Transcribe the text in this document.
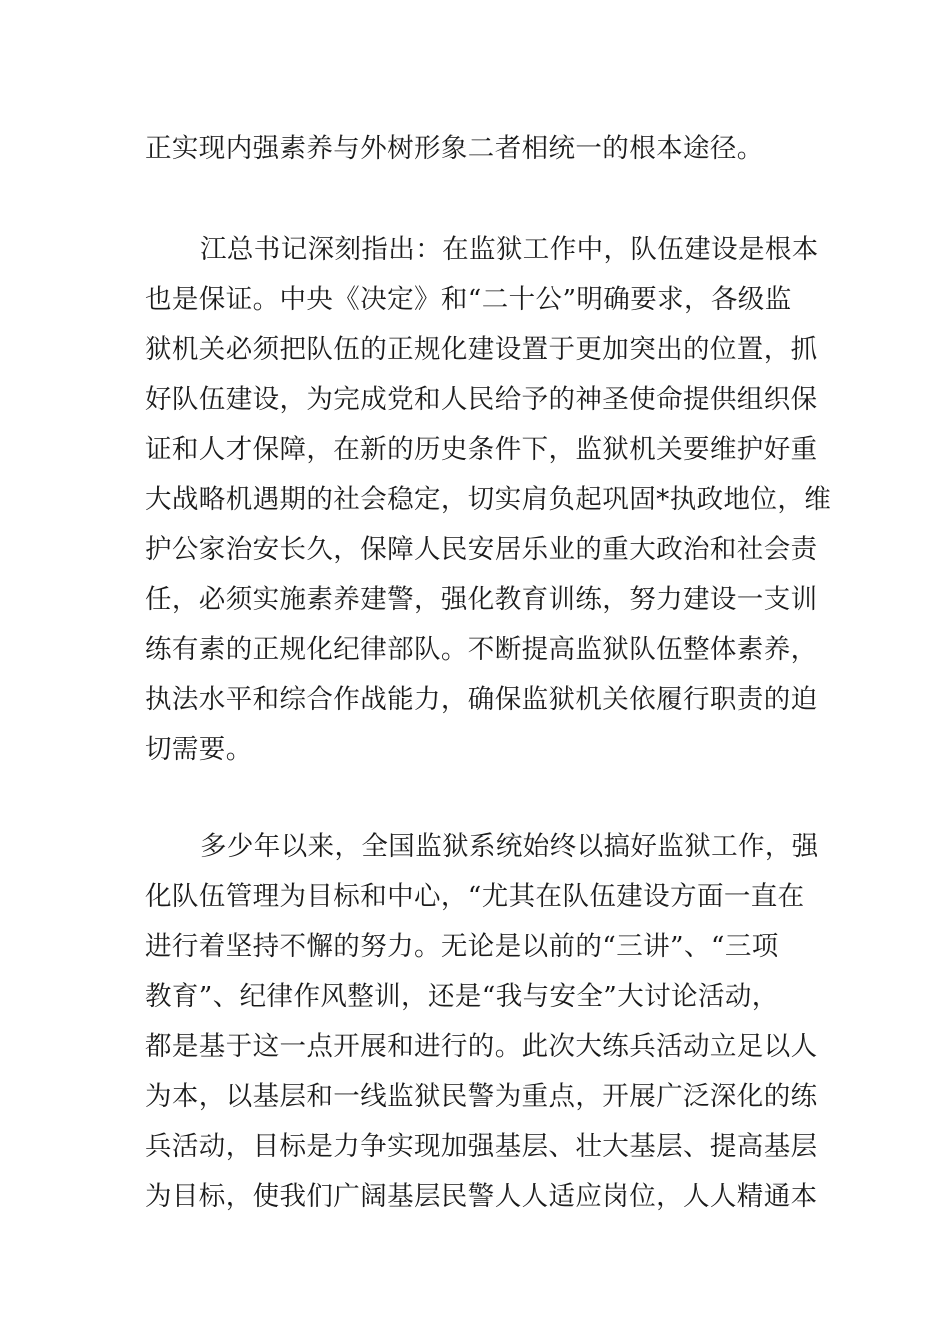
正实现内强素养与外树形象二者相统一的根本途径。
江总书记深刻指出：在监狱工作中，队伍建设是根本
也是保证。中央《决定》和“二十公”明确要求，各级监
狱机关必须把队伍的正规化建设置于更加突出的位置，抓
好队伍建设，为完成党和人民给予的神圣使命提供组织保
证和人才保障，在新的历史条件下，监狱机关要维护好重
大战略机遇期的社会稳定，切实肩负起巩固*执政地位，维
护公家治安长久，保障人民安居乐业的重大政治和社会责
任，必须实施素养建警，强化教育训练，努力建设一支训
练有素的正规化纪律部队。不断提高监狱队伍整体素养，
执法水平和综合作战能力，确保监狱机关依履行职责的迫
切需要。
多少年以来，全国监狱系统始终以搞好监狱工作，强
化队伍管理为目标和中心，“尤其在队伍建设方面一直在
进行着坚持不懈的努力。无论是以前的“三讲”、“三项
教育”、纪律作风整训，还是“我与安全”大讨论活动，
都是基于这一点开展和进行的。此次大练兵活动立足以人
为本，以基层和一线监狱民警为重点，开展广泛深化的练
兵活动，目标是力争实现加强基层、壮大基层、提高基层
为目标，使我们广阔基层民警人人适应岗位，人人精通本
